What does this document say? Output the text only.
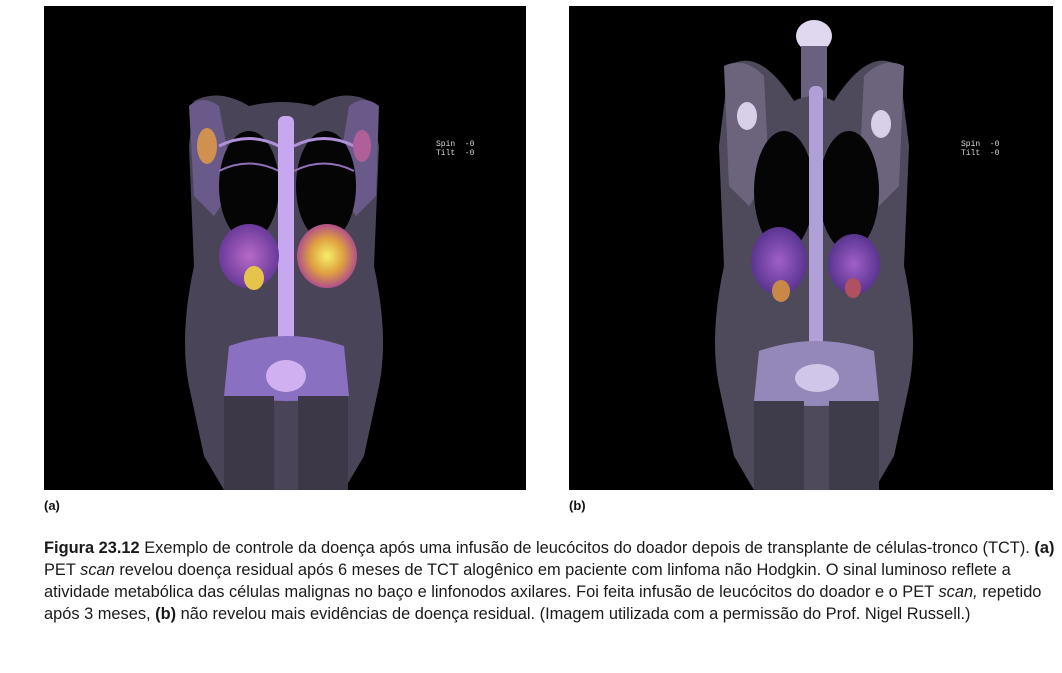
Spin  -0
Tilt  -0
Spin  -0
Tilt  -0
(a)	(b)
Figura 23.12 Exemplo de controle da doença após uma infusão de leucócitos do doador depois de transplante de células-tronco (TCT). (a) PET scan revelou doença residual após 6 meses de TCT alogênico em paciente com linfoma não Hodgkin. O sinal luminoso reflete a atividade metabólica das células malignas no baço e linfonodos axilares. Foi feita infusão de leucócitos do doador e o PET scan, repetido após 3 meses, (b) não revelou mais evidências de doença residual. (Imagem utilizada com a permissão do Prof. Nigel Russell.)
